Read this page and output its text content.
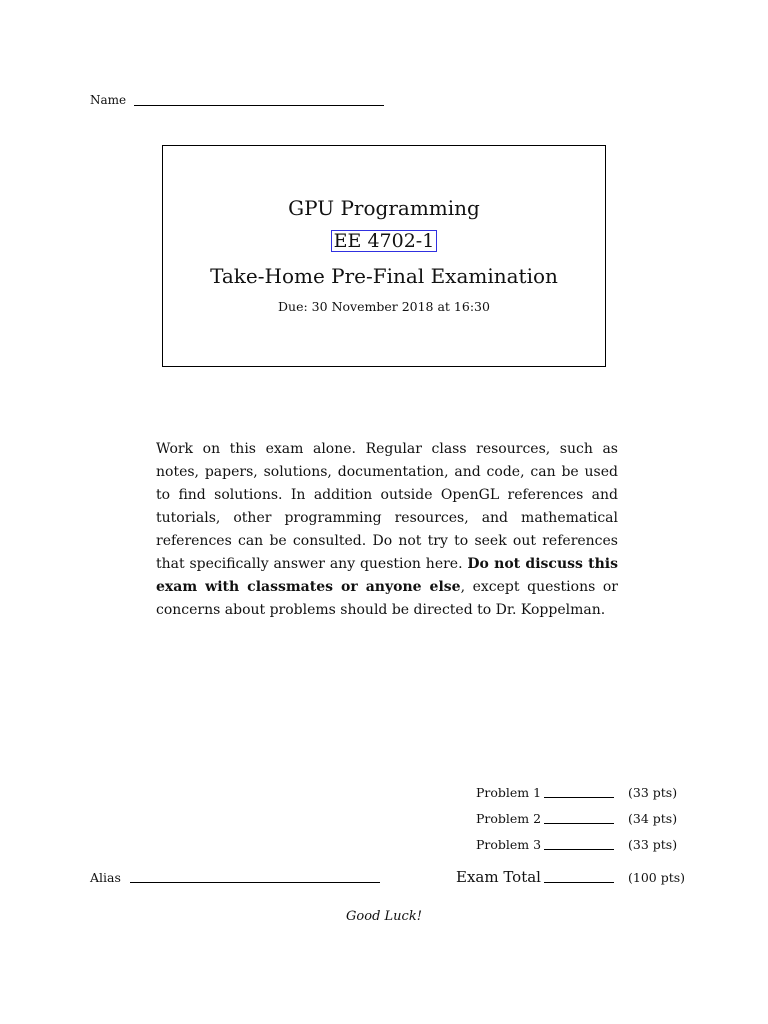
Name
GPU Programming
EE 4702-1
Take-Home Pre-Final Examination
Due: 30 November 2018 at 16:30
Work on this exam alone. Regular class resources, such as notes, papers, solutions, documentation, and code, can be used to find solutions. In addition outside OpenGL references and tutorials, other programming resources, and mathematical references can be consulted. Do not try to seek out references that specifically answer any question here. Do not discuss this exam with classmates or anyone else, except questions or concerns about problems should be directed to Dr. Koppelman.
Problem 1	(33 pts)
Problem 2	(34 pts)
Problem 3	(33 pts)
Exam Total	(100 pts)
Alias
Good Luck!
